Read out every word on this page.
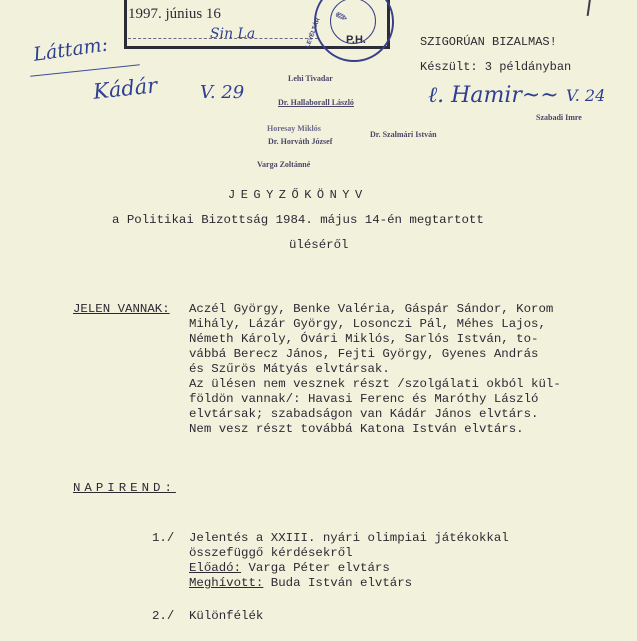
1997. június 16
Sin La	P.H.
✎
LEVÉLTÁR
Láttam:
Kádár V. 29
Lehi Tivadar
Dr. Hallaborall László
Horesay Miklós
Dr. Horváth József
Dr. Szalmári István
Varga Zoltánné
SZIGORÚAN BIZALMAS!
Készült: 3 példányban
ℓ. Hamir​~~ V. 24
Szabadi Imre
JEGYZŐKÖNYV
a Politikai Bizottság 1984. május 14-én megtartott
üléséről
JELEN VANNAK: Aczél György, Benke Valéria, Gáspár Sándor, Korom
Mihály, Lázár György, Losonczi Pál, Méhes Lajos,
Németh Károly, Óvári Miklós, Sarlós István, to-
vábbá Berecz János, Fejti György, Gyenes András
és Szűrös Mátyás elvtársak.
Az ülésen nem vesznek részt /szolgálati okból kül-
földön vannak/: Havasi Ferenc és Maróthy László
elvtársak; szabadságon van Kádár János elvtárs.
Nem vesz részt továbbá Katona István elvtárs.
NAPIREND:
1./ Jelentés a XXIII. nyári olimpiai játékokkal
összefüggő kérdésekről
Előadó: Varga Péter elvtárs
Meghívott: Buda István elvtárs
2./ Különfélék
